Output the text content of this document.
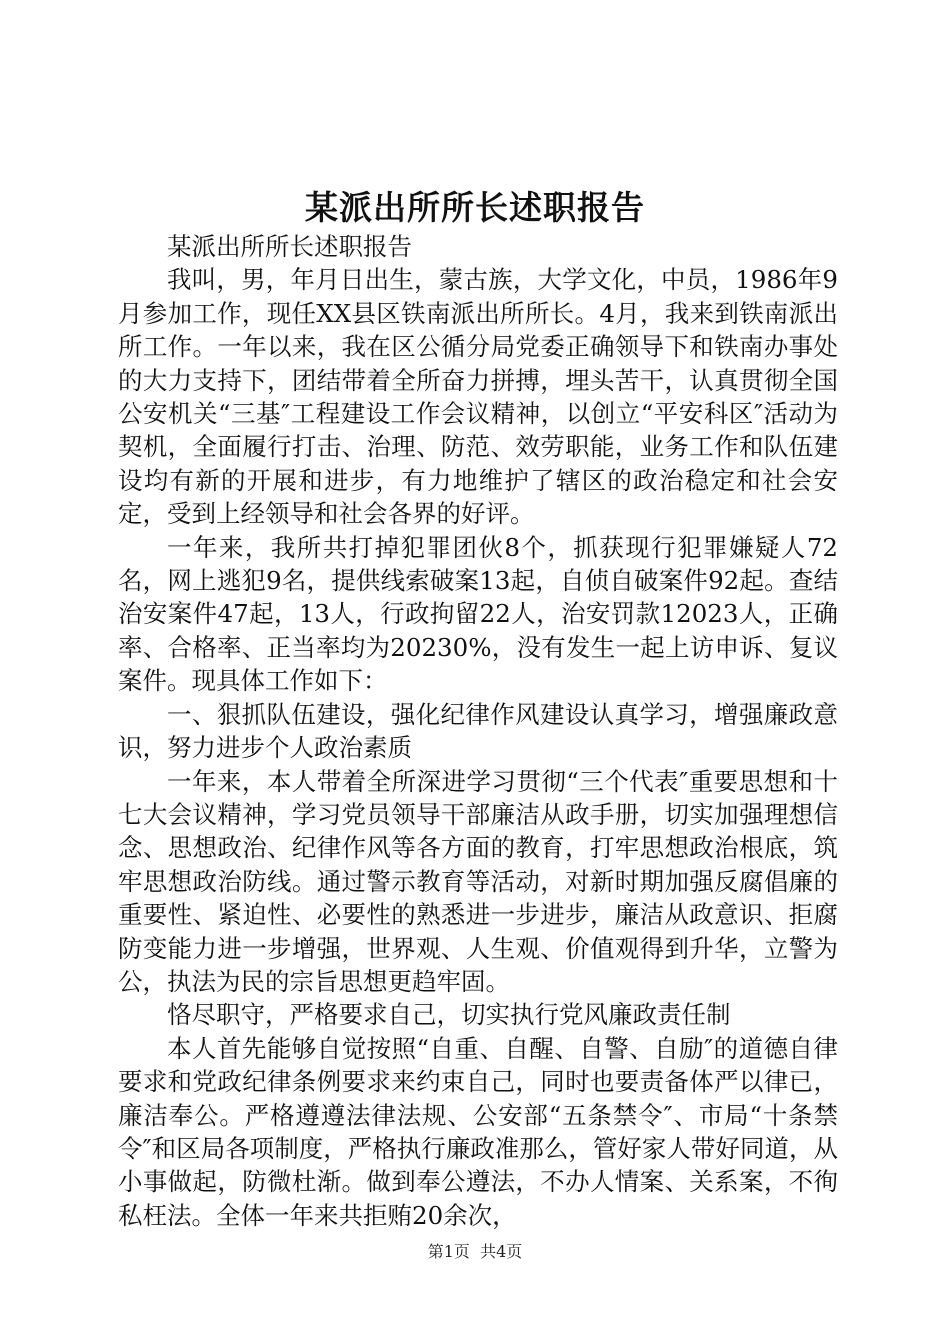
某派出所所长述职报告

某派出所所长述职报告

我叫，男，年月日出生，蒙古族，大学文化，中员，1986年9月参加工作，现任XX县区铁南派出所所长。4月，我来到铁南派出所工作。一年以来，我在区公循分局党委正确领导下和铁南办事处的大力支持下，团结带着全所奋力拼搏，埋头苦干，认真贯彻全国公安机关“三基″工程建设工作会议精神，以创立“平安科区″活动为契机，全面履行打击、治理、防范、效劳职能，业务工作和队伍建设均有新的开展和进步，有力地维护了辖区的政治稳定和社会安定，受到上经领导和社会各界的好评。

一年来，我所共打掉犯罪团伙8个，抓获现行犯罪嫌疑人72名，网上逃犯9名，提供线索破案13起，自侦自破案件92起。查结治安案件47起，13人，行政拘留22人，治安罚款12023人，正确率、合格率、正当率均为20230%，没有发生一起上访申诉、复议案件。现具体工作如下：

一、狠抓队伍建设，强化纪律作风建设认真学习，增强廉政意识，努力进步个人政治素质

一年来，本人带着全所深进学习贯彻“三个代表″重要思想和十七大会议精神，学习党员领导干部廉洁从政手册，切实加强理想信念、思想政治、纪律作风等各方面的教育，打牢思想政治根底，筑牢思想政治防线。通过警示教育等活动，对新时期加强反腐倡廉的重要性、紧迫性、必要性的熟悉进一步进步，廉洁从政意识、拒腐防变能力进一步增强，世界观、人生观、价值观得到升华，立警为公，执法为民的宗旨思想更趋牢固。

恪尽职守，严格要求自己，切实执行党风廉政责任制

本人首先能够自觉按照“自重、自醒、自警、自励″的道德自律要求和党政纪律条例要求来约束自己，同时也要责备体严以律已，廉洁奉公。严格遵遵法律法规、公安部“五条禁令″、市局“十条禁令″和区局各项制度，严格执行廉政准那么，管好家人带好同道，从小事做起，防微杜渐。做到奉公遵法，不办人情案、关系案，不徇私枉法。全体一年来共拒贿20余次，

第1页  共4页
